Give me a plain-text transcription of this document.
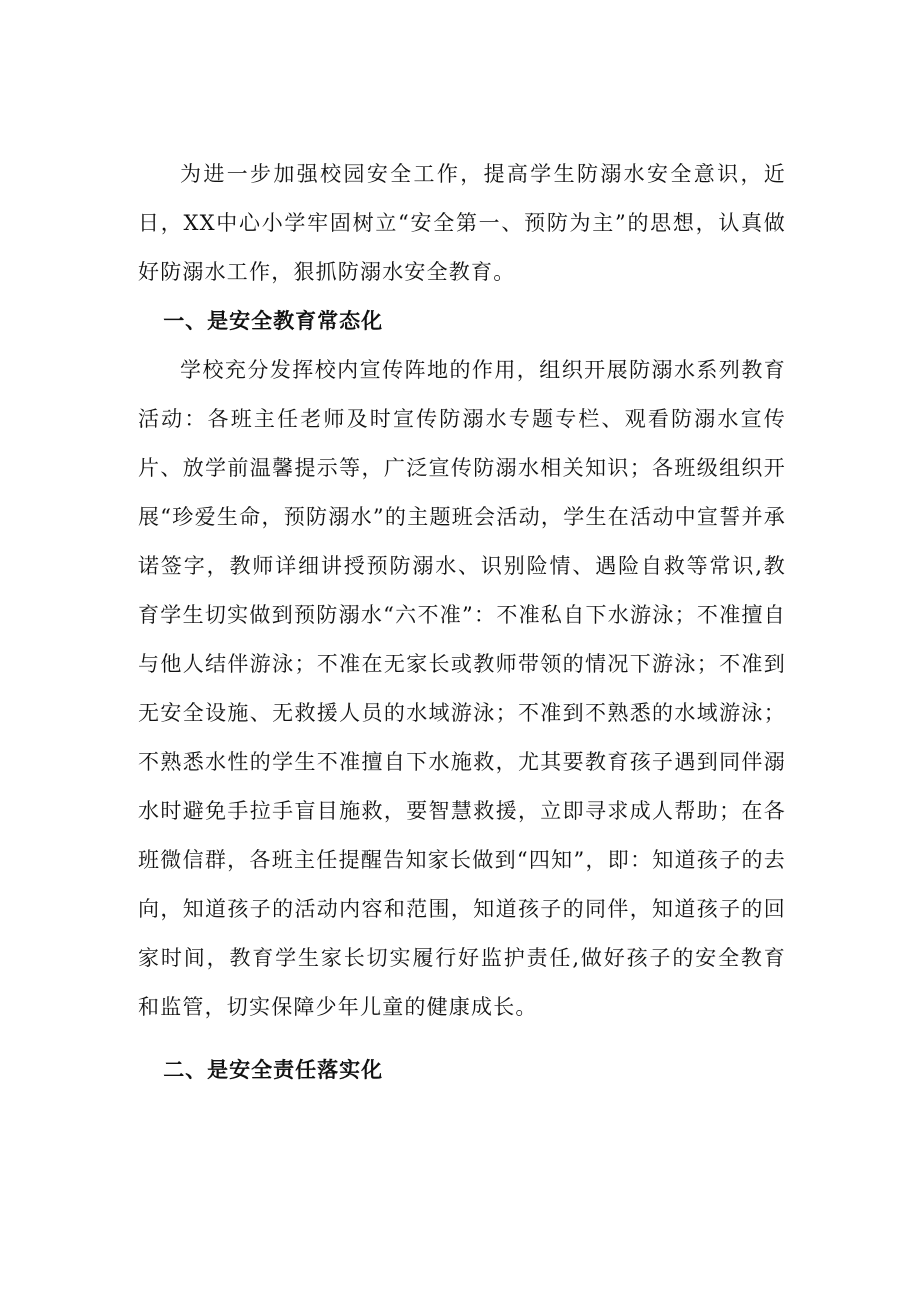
为进一步加强校园安全工作，提高学生防溺水安全意识，近日，XX中心小学牢固树立“安全第一、预防为主”的思想，认真做好防溺水工作，狠抓防溺水安全教育。

一、是安全教育常态化

学校充分发挥校内宣传阵地的作用，组织开展防溺水系列教育活动：各班主任老师及时宣传防溺水专题专栏、观看防溺水宣传片、放学前温馨提示等，广泛宣传防溺水相关知识；各班级组织开展“珍爱生命，预防溺水”的主题班会活动，学生在活动中宣誓并承诺签字，教师详细讲授预防溺水、识别险情、遇险自救等常识,教育学生切实做到预防溺水“六不准”：不准私自下水游泳；不准擅自与他人结伴游泳；不准在无家长或教师带领的情况下游泳；不准到无安全设施、无救援人员的水域游泳；不准到不熟悉的水域游泳；不熟悉水性的学生不准擅自下水施救，尤其要教育孩子遇到同伴溺水时避免手拉手盲目施救，要智慧救援，立即寻求成人帮助；在各班微信群，各班主任提醒告知家长做到“四知”，即：知道孩子的去向，知道孩子的活动内容和范围，知道孩子的同伴，知道孩子的回家时间，教育学生家长切实履行好监护责任,做好孩子的安全教育和监管，切实保障少年儿童的健康成长。

二、是安全责任落实化
